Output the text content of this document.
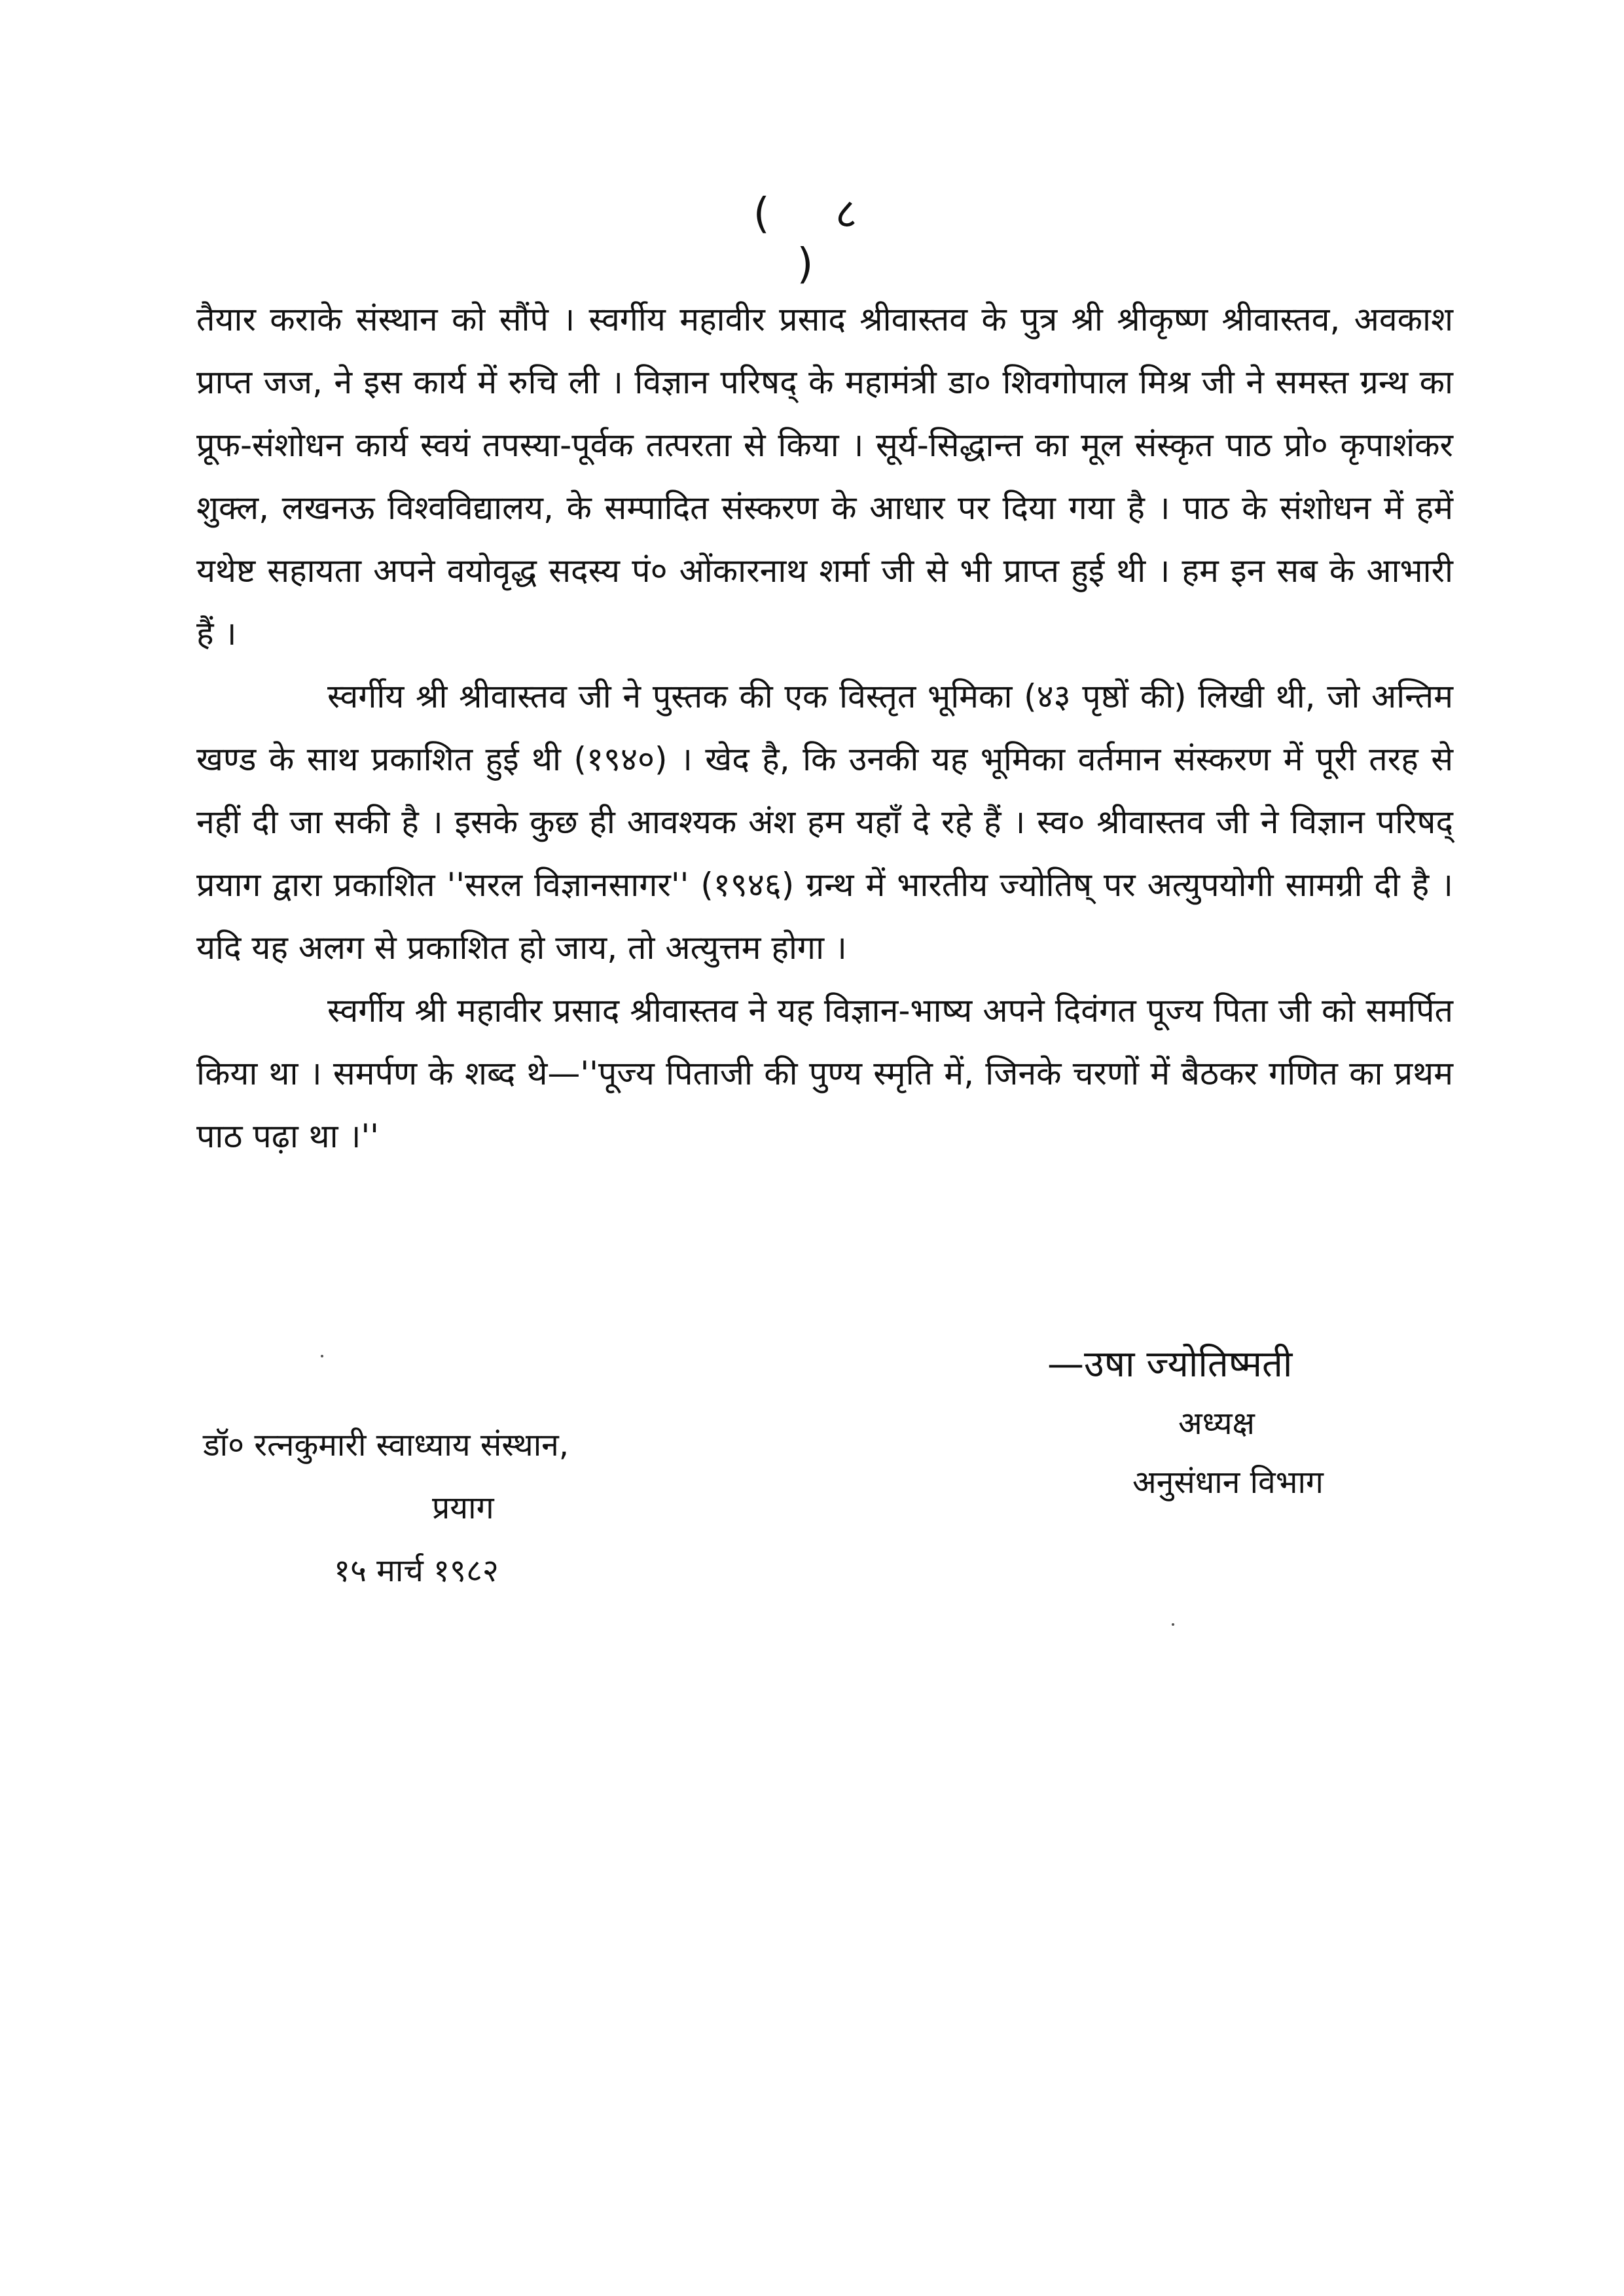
( ८ )

तैयार कराके संस्थान को सौंपे । स्वर्गीय महावीर प्रसाद श्रीवास्तव के पुत्र श्री श्रीकृष्ण श्रीवास्तव, अवकाश प्राप्त जज, ने इस कार्य में रुचि ली । विज्ञान परिषद् के महामंत्री डा० शिवगोपाल मिश्र जी ने समस्त ग्रन्थ का प्रूफ-संशोधन कार्य स्वयं तपस्या-पूर्वक तत्परता से किया । सूर्य-सिद्धान्त का मूल संस्कृत पाठ प्रो० कृपाशंकर शुक्ल, लखनऊ विश्वविद्यालय, के सम्पादित संस्करण के आधार पर दिया गया है । पाठ के संशोधन में हमें यथेष्ट सहायता अपने वयोवृद्ध सदस्य पं० ओंकारनाथ शर्मा जी से भी प्राप्त हुई थी । हम इन सब के आभारी हैं ।

स्वर्गीय श्री श्रीवास्तव जी ने पुस्तक की एक विस्तृत भूमिका (४३ पृष्ठों की) लिखी थी, जो अन्तिम खण्ड के साथ प्रकाशित हुई थी (१९४०) । खेद है, कि उनकी यह भूमिका वर्तमान संस्करण में पूरी तरह से नहीं दी जा सकी है । इसके कुछ ही आवश्यक अंश हम यहाँ दे रहे हैं । स्व० श्रीवास्तव जी ने विज्ञान परिषद् प्रयाग द्वारा प्रकाशित ''सरल विज्ञानसागर'' (१९४६) ग्रन्थ में भारतीय ज्योतिष् पर अत्युपयोगी सामग्री दी है । यदि यह अलग से प्रकाशित हो जाय, तो अत्युत्तम होगा ।

स्वर्गीय श्री महावीर प्रसाद श्रीवास्तव ने यह विज्ञान-भाष्य अपने दिवंगत पूज्य पिता जी को समर्पित किया था । समर्पण के शब्द थे—''पूज्य पिताजी की पुण्य स्मृति में, जिनके चरणों में बैठकर गणित का प्रथम पाठ पढ़ा था ।''

—उषा ज्योतिष्मती
अध्यक्ष
अनुसंधान विभाग
डॉ० रत्नकुमारी स्वाध्याय संस्थान,
प्रयाग
१५ मार्च १९८२
